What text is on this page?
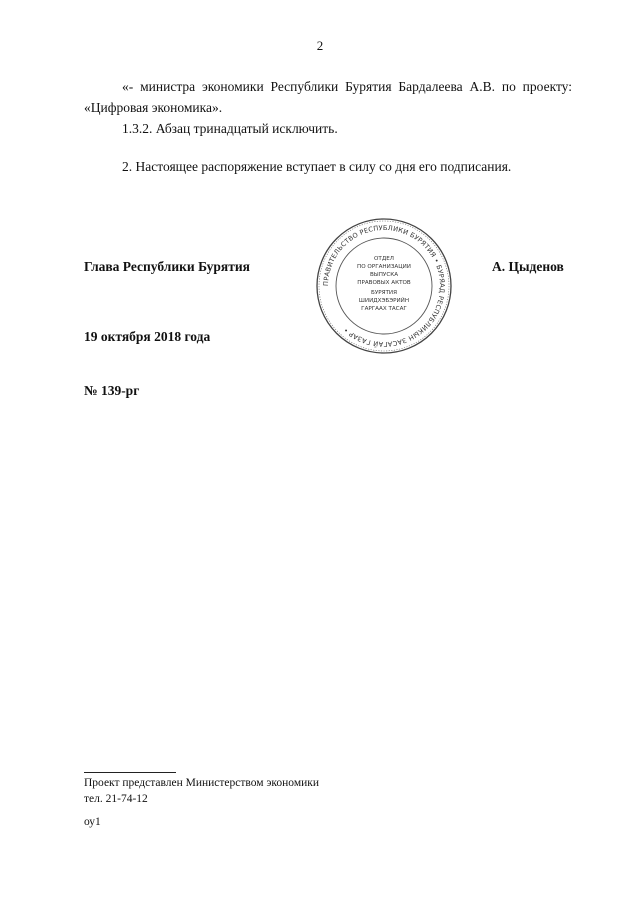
2
«- министра экономики Республики Бурятия Бардалеева А.В. по проекту: «Цифровая экономика».
1.3.2. Абзац тринадцатый исключить.
2. Настоящее распоряжение вступает в силу со дня его подписания.
Глава Республики Бурятия	А. Цыденов
ПРАВИТЕЛЬСТВО РЕСПУБЛИКИ БУРЯТИЯ • БУРЯАД РЕСПУБЛИКЫН ЗАСАГАЙ ГАЗАР •
ОТДЕЛ
ПО ОРГАНИЗАЦИИ
ВЫПУСКА
ПРАВОВЫХ АКТОВ
БУРЯТИЯ
ШИИДХЭБЭРИЙН
ГАРГААХ ТАСАГ
19 октября 2018 года
№ 139-рг
Проект представлен Министерством экономики
тел. 21-74-12
оу1
